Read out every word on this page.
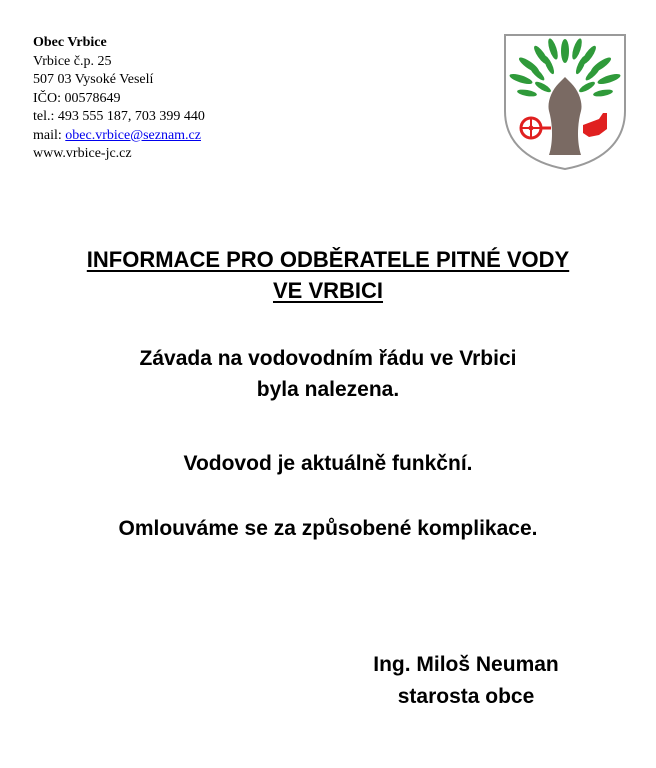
Obec Vrbice
Vrbice č.p. 25
507 03 Vysoké Veselí
IČO: 00578649
tel.: 493 555 187, 703 399 440
mail: obec.vrbice@seznam.cz
www.vrbice-jc.cz
INFORMACE PRO ODBĚRATELE PITNÉ VODY
VE VRBICI
Závada na vodovodním řádu ve Vrbici
byla nalezena.
Vodovod je aktuálně funkční.
Omlouváme se za způsobené komplikace.
Ing. Miloš Neuman
starosta obce
